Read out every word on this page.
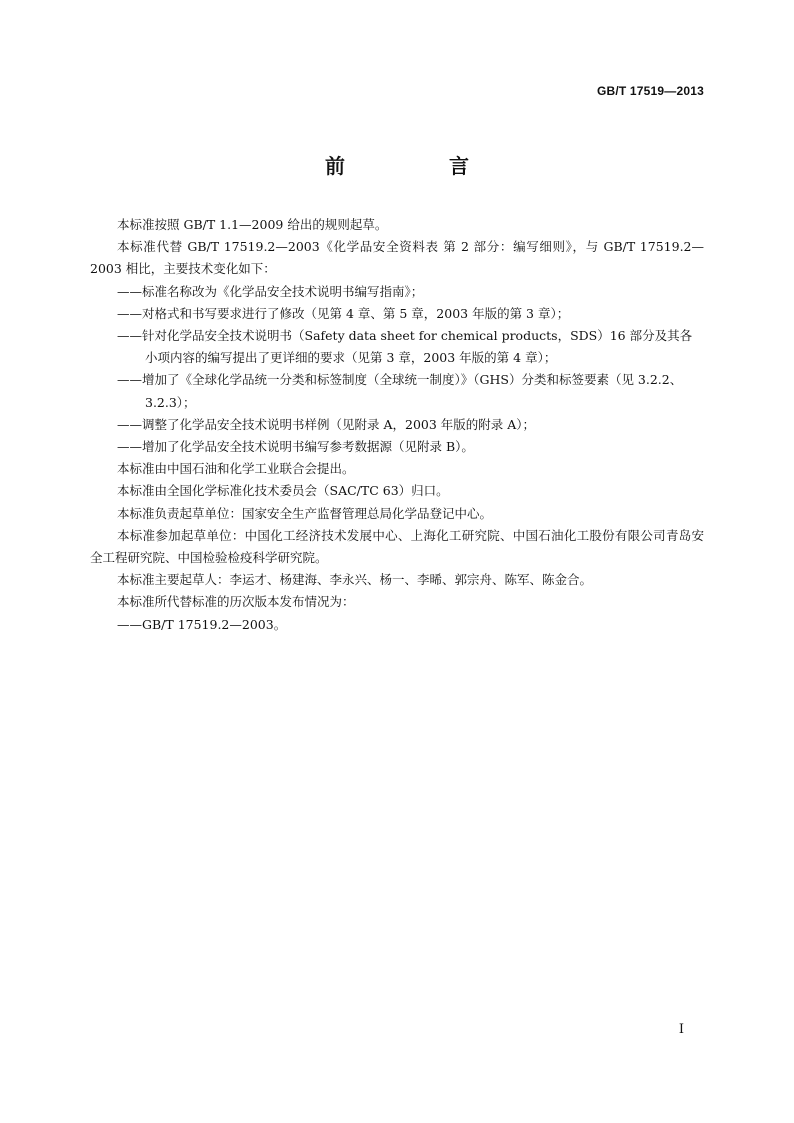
GB/T 17519—2013
前　言

本标准按照 GB/T 1.1—2009 给出的规则起草。

本标准代替 GB/T 17519.2—2003《化学品安全资料表 第 2 部分：编写细则》，与 GB/T 17519.2—2003 相比，主要技术变化如下：

——标准名称改为《化学品安全技术说明书编写指南》；

——对格式和书写要求进行了修改（见第 4 章、第 5 章，2003 年版的第 3 章）；

——针对化学品安全技术说明书（Safety data sheet for chemical products，SDS）16 部分及其各小项内容的编写提出了更详细的要求（见第 3 章，2003 年版的第 4 章）；

——增加了《全球化学品统一分类和标签制度（全球统一制度）》（GHS）分类和标签要素（见 3.2.2、3.2.3）；

——调整了化学品安全技术说明书样例（见附录 A，2003 年版的附录 A）；

——增加了化学品安全技术说明书编写参考数据源（见附录 B）。

本标准由中国石油和化学工业联合会提出。

本标准由全国化学标准化技术委员会（SAC/TC 63）归口。

本标准负责起草单位：国家安全生产监督管理总局化学品登记中心。

本标准参加起草单位：中国化工经济技术发展中心、上海化工研究院、中国石油化工股份有限公司青岛安全工程研究院、中国检验检疫科学研究院。

本标准主要起草人：李运才、杨建海、李永兴、杨一、李晞、郭宗舟、陈军、陈金合。

本标准所代替标准的历次版本发布情况为：

——GB/T 17519.2—2003。

I
